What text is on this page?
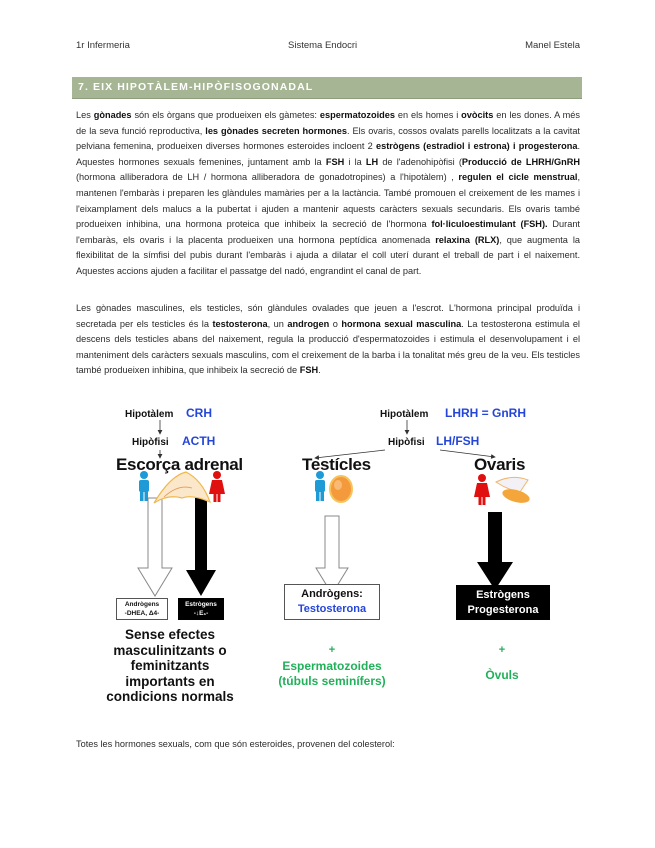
1r Infermeria	Sistema Endocri	Manel Estela
7. EIX HIPOTÀLEM-HIPÒFISOGONADAL
Les gònades són els òrgans que produeixen els gàmetes: espermatozoides en els homes i ovòcits en les dones. A més de la seva funció reproductiva, les gònades secreten hormones. Els ovaris, cossos ovalats parells localitzats a la cavitat pelviana femenina, produeixen diverses hormones esteroides incloent 2 estrògens (estradiol i estrona) i progesterona. Aquestes hormones sexuals femenines, juntament amb la FSH i la LH de l'adenohipòfisi (Producció de LHRH/GnRH (hormona alliberadora de LH / hormona alliberadora de gonadotropines) a l'hipotàlem) , regulen el cicle menstrual, mantenen l'embaràs i preparen les glàndules mamàries per a la lactància. També promouen el creixement de les mames i l'eixamplament dels malucs a la pubertat i ajuden a mantenir aquests caràcters sexuals secundaris. Els ovaris també produeixen inhibina, una hormona proteica que inhibeix la secreció de l'hormona fol·liculoestimulant (FSH). Durant l'embaràs, els ovaris i la placenta produeixen una hormona peptídica anomenada relaxina (RLX), que augmenta la flexibilitat de la símfisi del pubis durant l'embaràs i ajuda a dilatar el coll uterí durant el treball de part i el naixement. Aquestes accions ajuden a facilitar el passatge del nadó, engrandint el canal de part.
Les gònades masculines, els testicles, són glàndules ovalades que jeuen a l'escrot. L'hormona principal produïda i secretada per els testicles és la testosterona, un androgen o hormona sexual masculina. La testosterona estimula el descens dels testicles abans del naixement, regula la producció d'espermatozoides i estimula el desenvolupament i el manteniment dels caràcters sexuals masculins, com el creixement de la barba i la tonalitat més greu de la veu. Els testicles també produeixen inhibina, que inhibeix la secreció de FSH.
Hipotàlem CRH
Hipòfisi ACTH
Escorça adrenal
Andrògens
-DHEA, Δ4-
Estrògens
-↓E₁-
Sense efectes
masculinitzants o
feminitzants
importants en
condicions normals
Hipotàlem LHRH = GnRH
Hipòfisi LH/FSH
Testícles	Ovaris
Andrògens:
Testosterona
Estrògens
Progesterona
+
Espermatozoides
(túbuls seminífers)
+
Òvuls
Totes les hormones sexuals, com que són esteroides, provenen del colesterol:
